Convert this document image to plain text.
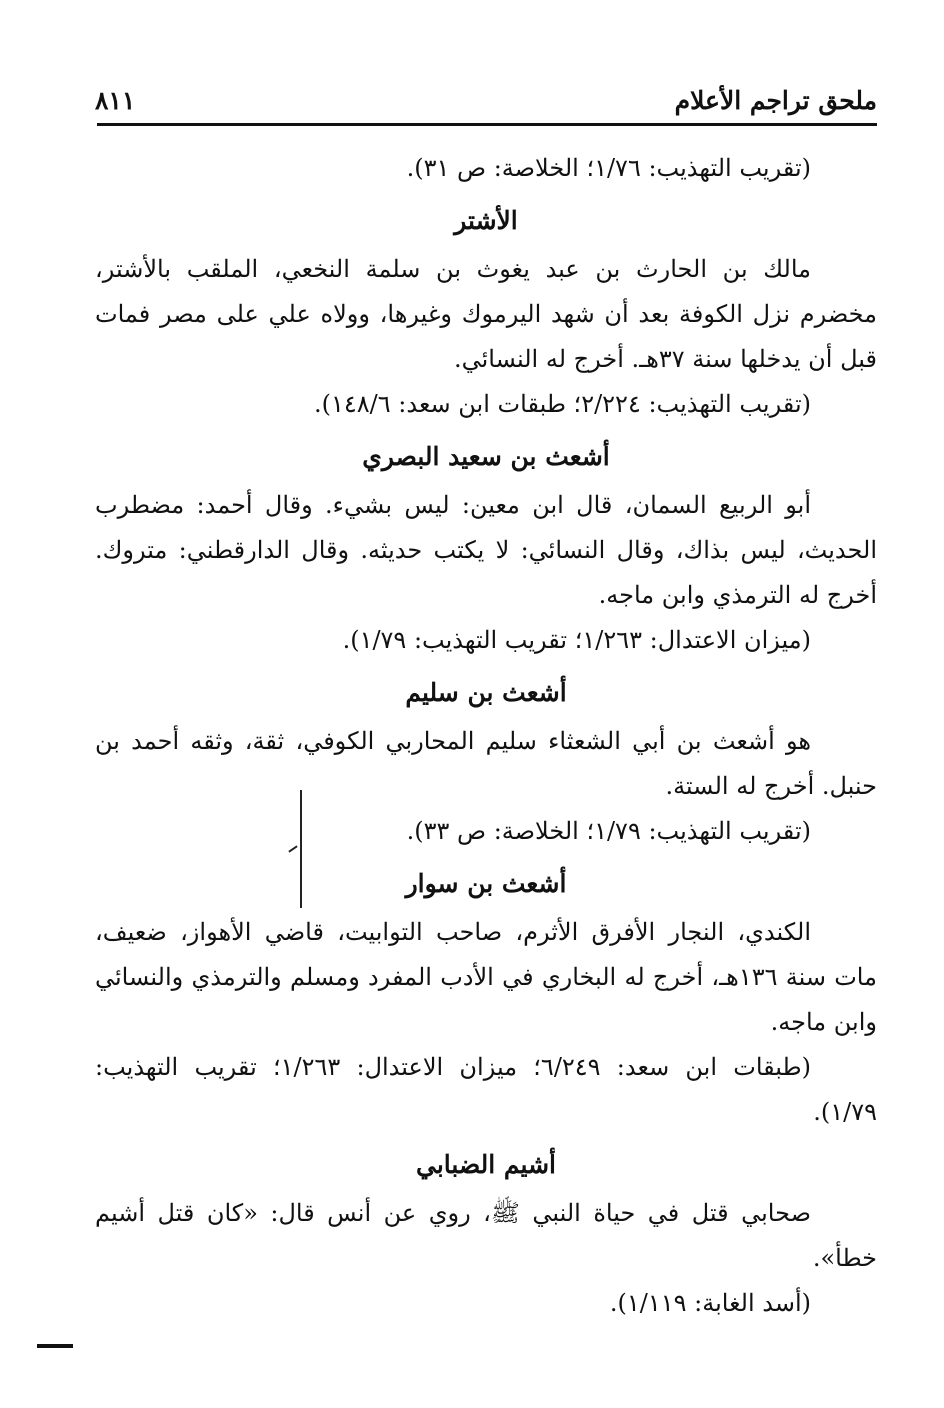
ملحق تراجم الأعلام
٨١١

(تقريب التهذيب: ١/٧٦؛ الخلاصة: ص ٣١).

الأشتر

مالك بن الحارث بن عبد يغوث بن سلمة النخعي، الملقب بالأشتر، مخضرم نزل الكوفة بعد أن شهد اليرموك وغيرها، وولاه علي على مصر فمات قبل أن يدخلها سنة ٣٧هـ. أخرج له النسائي.

(تقريب التهذيب: ٢/٢٢٤؛ طبقات ابن سعد: ١٤٨/٦).

أشعث بن سعيد البصري

أبو الربيع السمان، قال ابن معين: ليس بشيء. وقال أحمد: مضطرب الحديث، ليس بذاك، وقال النسائي: لا يكتب حديثه. وقال الدارقطني: متروك. أخرج له الترمذي وابن ماجه.

(ميزان الاعتدال: ١/٢٦٣؛ تقريب التهذيب: ١/٧٩).

أشعث بن سليم

هو أشعث بن أبي الشعثاء سليم المحاربي الكوفي، ثقة، وثقه أحمد بن حنبل. أخرج له الستة.

(تقريب التهذيب: ١/٧٩؛ الخلاصة: ص ٣٣).

أشعث بن سوار

الكندي، النجار الأفرق الأثرم، صاحب التوابيت، قاضي الأهواز، ضعيف، مات سنة ١٣٦هـ، أخرج له البخاري في الأدب المفرد ومسلم والترمذي والنسائي وابن ماجه.

(طبقات ابن سعد: ٦/٢٤٩؛ ميزان الاعتدال: ١/٢٦٣؛ تقريب التهذيب: ١/٧٩).

أشيم الضبابي

صحابي قتل في حياة النبي ﷺ، روي عن أنس قال: «كان قتل أشيم خطأ».

(أسد الغابة: ١/١١٩).
